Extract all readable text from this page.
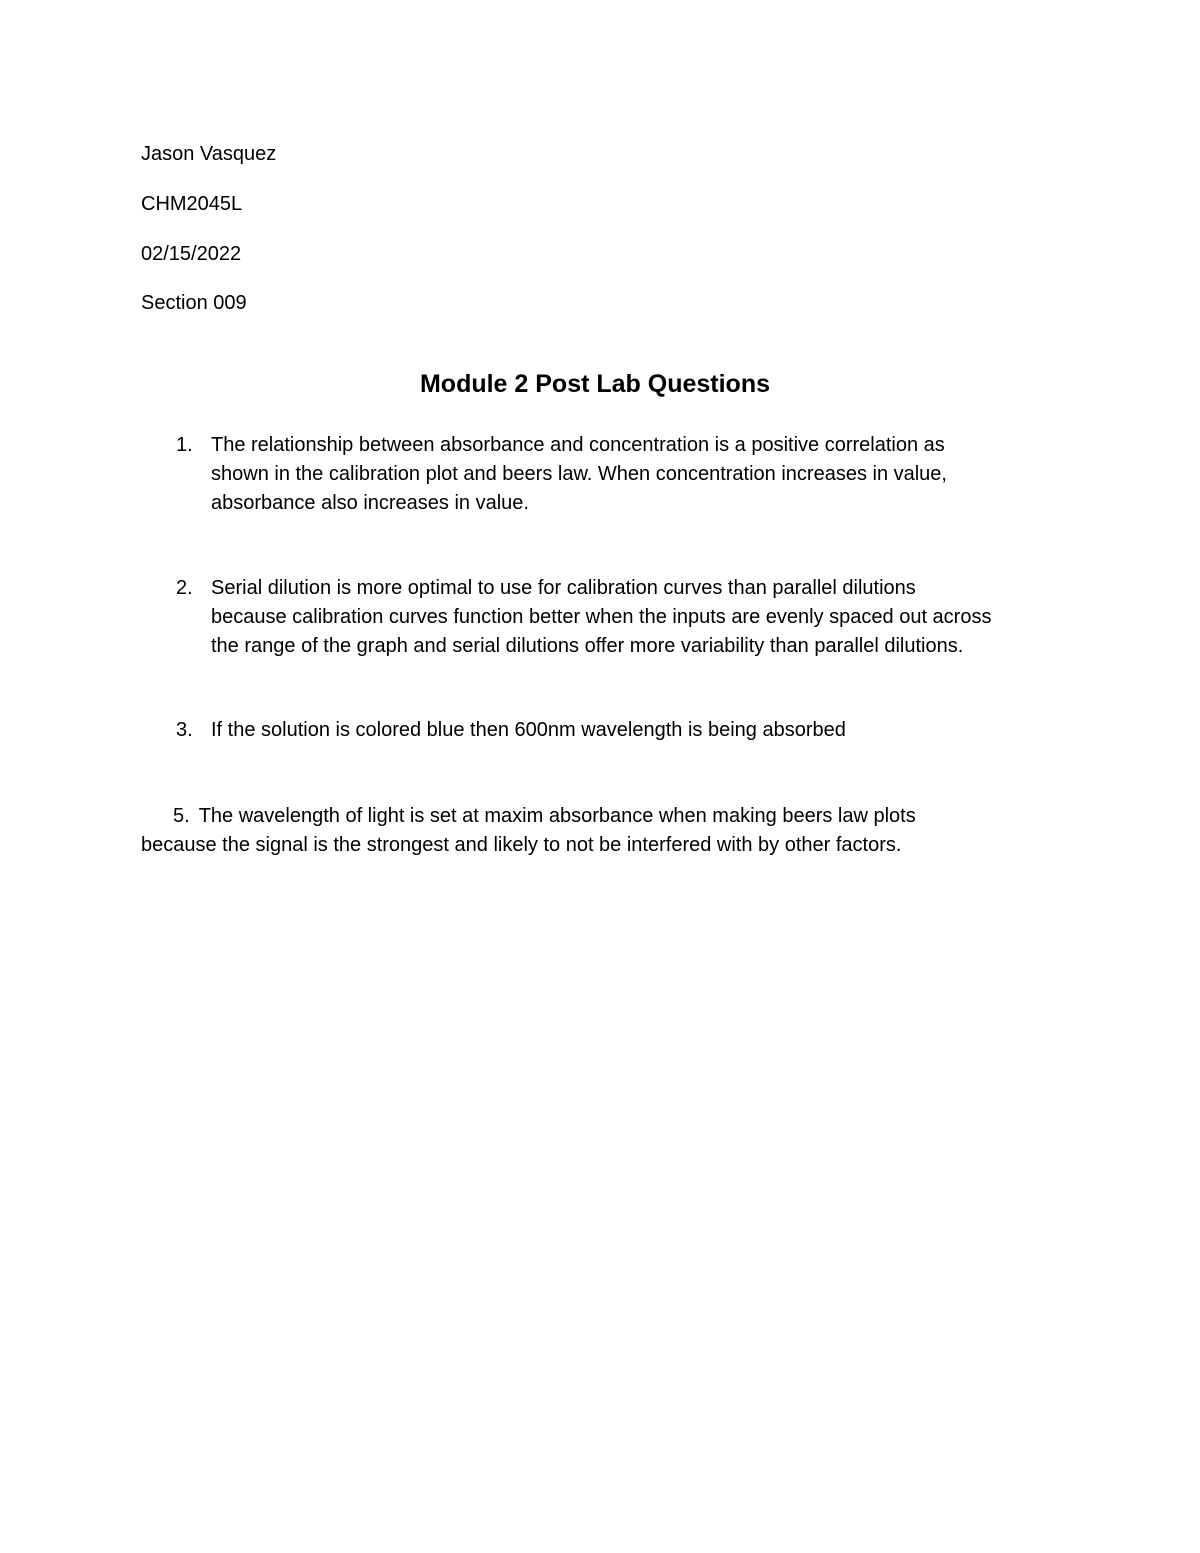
Jason Vasquez
CHM2045L
02/15/2022
Section 009
Module 2 Post Lab Questions
1. The relationship between absorbance and concentration is a positive correlation as
shown in the calibration plot and beers law. When concentration increases in value,
absorbance also increases in value.
2. Serial dilution is more optimal to use for calibration curves than parallel dilutions
because calibration curves function better when the inputs are evenly spaced out across
the range of the graph and serial dilutions offer more variability than parallel dilutions.
3. If the solution is colored blue then 600nm wavelength is being absorbed
5. The wavelength of light is set at maxim absorbance when making beers law plots
because the signal is the strongest and likely to not be interfered with by other factors.
